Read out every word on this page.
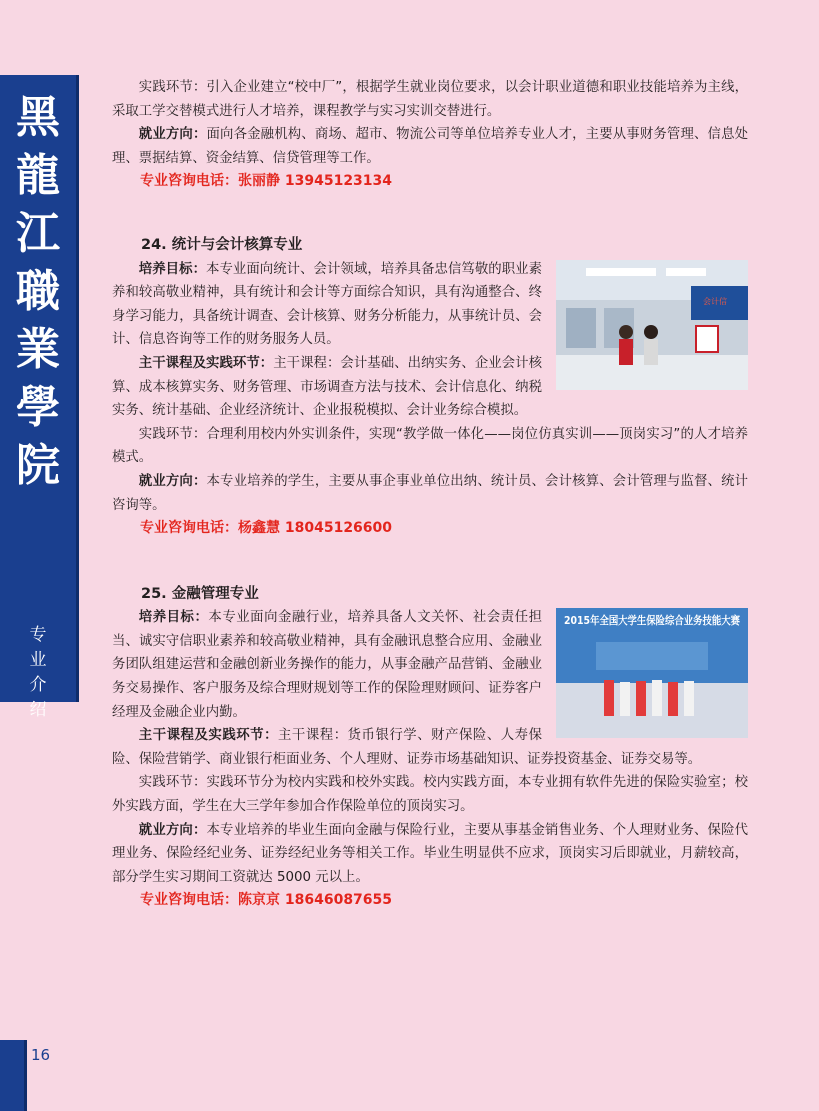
黑龍江職業學院
专业介绍
16

实践环节：引入企业建立“校中厂”，根据学生就业岗位要求，以会计职业道德和职业技能培养为主线，采取工学交替模式进行人才培养，课程教学与实习实训交替进行。

就业方向：面向各金融机构、商场、超市、物流公司等单位培养专业人才，主要从事财务管理、信息处理、票据结算、资金结算、信贷管理等工作。

专业咨询电话：张丽静 13945123134

24. 统计与会计核算专业

会计信

培养目标：本专业面向统计、会计领域，培养具备忠信笃敬的职业素养和较高敬业精神，具有统计和会计等方面综合知识，具有沟通整合、终身学习能力，具备统计调查、会计核算、财务分析能力，从事统计员、会计、信息咨询等工作的财务服务人员。

主干课程及实践环节：主干课程：会计基础、出纳实务、企业会计核算、成本核算实务、财务管理、市场调查方法与技术、会计信息化、纳税实务、统计基础、企业经济统计、企业报税模拟、会计业务综合模拟。

实践环节：合理利用校内外实训条件，实现“教学做一体化——岗位仿真实训——顶岗实习”的人才培养模式。

就业方向：本专业培养的学生，主要从事企事业单位出纳、统计员、会计核算、会计管理与监督、统计咨询等。

专业咨询电话：杨鑫慧 18045126600

25. 金融管理专业

2015年全国大学生保险综合业务技能大赛

培养目标：本专业面向金融行业，培养具备人文关怀、社会责任担当、诚实守信职业素养和较高敬业精神，具有金融讯息整合应用、金融业务团队组建运营和金融创新业务操作的能力，从事金融产品营销、金融业务交易操作、客户服务及综合理财规划等工作的保险理财顾问、证券客户经理及金融企业内勤。

主干课程及实践环节：主干课程：货币银行学、财产保险、人寿保险、保险营销学、商业银行柜面业务、个人理财、证券市场基础知识、证券投资基金、证券交易等。

实践环节：实践环节分为校内实践和校外实践。校内实践方面，本专业拥有软件先进的保险实验室；校外实践方面，学生在大三学年参加合作保险单位的顶岗实习。

就业方向：本专业培养的毕业生面向金融与保险行业，主要从事基金销售业务、个人理财业务、保险代理业务、保险经纪业务、证券经纪业务等相关工作。毕业生明显供不应求，顶岗实习后即就业，月薪较高，部分学生实习期间工资就达 5000 元以上。

专业咨询电话：陈京京 18646087655
